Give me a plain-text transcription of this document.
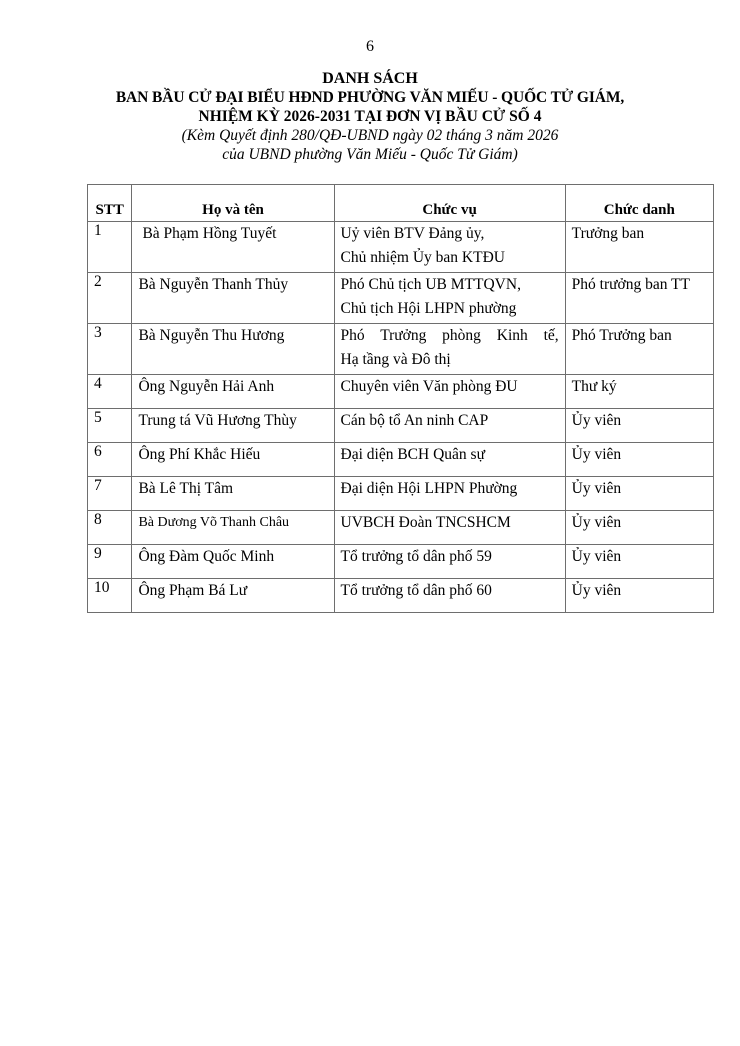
6
DANH SÁCH
BAN BẦU CỬ ĐẠI BIỂU HĐND PHƯỜNG VĂN MIẾU - QUỐC TỬ GIÁM,
NHIỆM KỲ 2026-2031 TẠI ĐƠN VỊ BẦU CỬ SỐ 4
(Kèm Quyết định 280/QĐ-UBND ngày 02 tháng 3 năm 2026
của UBND phường Văn Miếu - Quốc Tử Giám)
STT	Họ và tên	Chức vụ	Chức danh
1	Bà Phạm Hồng Tuyết	Uỷ viên BTV Đảng ủy,
Chủ nhiệm Ủy ban KTĐU	Trưởng ban

2	Bà Nguyễn Thanh Thủy	Phó Chủ tịch UB MTTQVN,
Chủ tịch Hội LHPN phường	Phó trưởng ban TT

3	Bà Nguyễn Thu Hương	Phó Trưởng phòng Kinh tế,
Hạ tầng và Đô thị	Phó Trưởng ban

4	Ông Nguyễn Hải Anh	Chuyên viên Văn phòng ĐU	Thư ký

5	Trung tá Vũ Hương Thùy	Cán bộ tổ An ninh CAP	Ủy viên

6	Ông Phí Khắc Hiếu	Đại diện BCH Quân sự	Ủy viên

7	Bà Lê Thị Tâm	Đại diện Hội LHPN Phường	Ủy viên

8	Bà Dương Võ Thanh Châu	UVBCH Đoàn TNCSHCM	Ủy viên

9	Ông Đàm Quốc Minh	Tổ trưởng tổ dân phố 59	Ủy viên

10	Ông Phạm Bá Lư	Tổ trưởng tổ dân phố 60	Ủy viên
